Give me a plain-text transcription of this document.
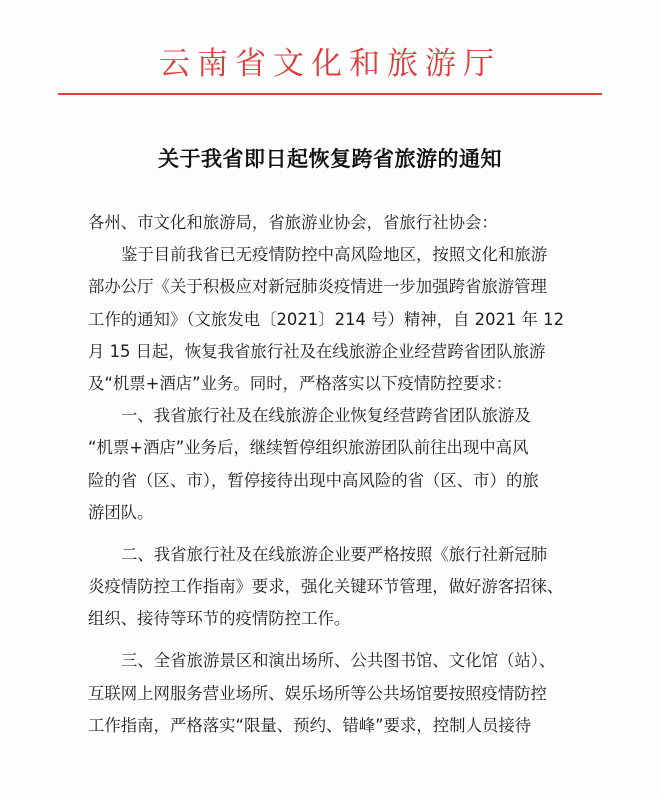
云南省文化和旅游厅
关于我省即日起恢复跨省旅游的通知
各州、市文化和旅游局，省旅游业协会，省旅行社协会：
鉴于目前我省已无疫情防控中高风险地区，按照文化和旅游
部办公厅《关于积极应对新冠肺炎疫情进一步加强跨省旅游管理
工作的通知》（文旅发电〔2021〕214 号）精神，自 2021 年 12
月 15 日起，恢复我省旅行社及在线旅游企业经营跨省团队旅游
及“机票+酒店”业务。同时，严格落实以下疫情防控要求：
一、我省旅行社及在线旅游企业恢复经营跨省团队旅游及
“机票+酒店”业务后，继续暂停组织旅游团队前往出现中高风
险的省（区、市），暂停接待出现中高风险的省（区、市）的旅
游团队。
二、我省旅行社及在线旅游企业要严格按照《旅行社新冠肺
炎疫情防控工作指南》要求，强化关键环节管理，做好游客招徕、
组织、接待等环节的疫情防控工作。
三、全省旅游景区和演出场所、公共图书馆、文化馆（站）、
互联网上网服务营业场所、娱乐场所等公共场馆要按照疫情防控
工作指南，严格落实“限量、预约、错峰”要求，控制人员接待
